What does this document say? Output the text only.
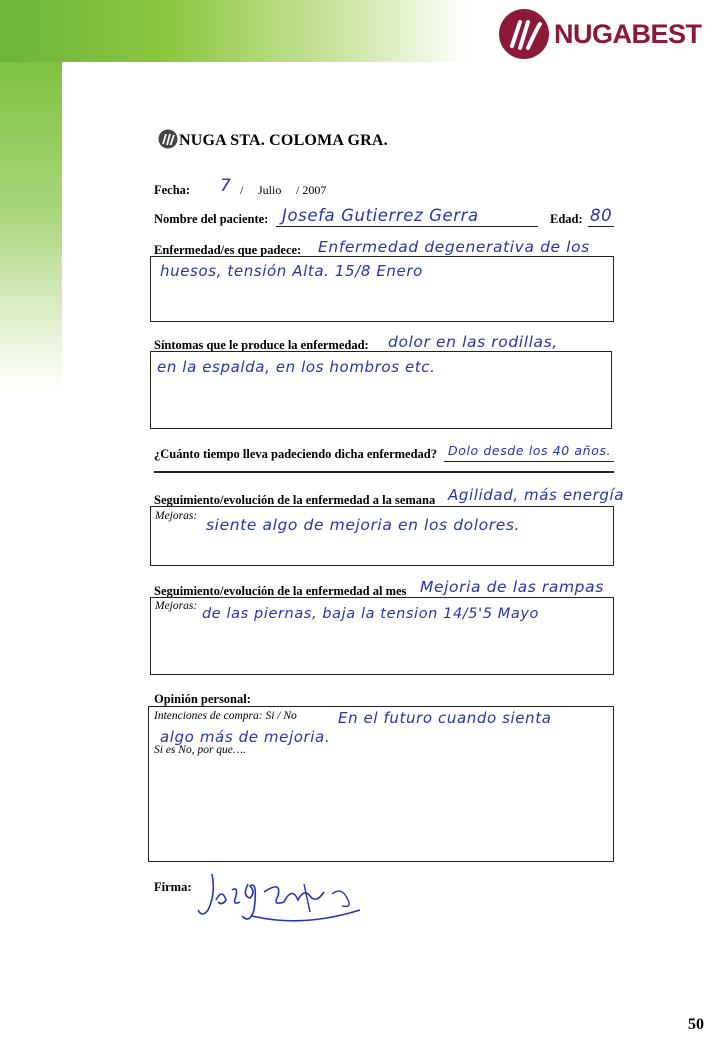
NUGABEST
NUGA STA. COLOMA GRA.
Fecha: 7 / Julio / 2007
Nombre del paciente: Josefa Gutierrez Gerra	Edad: 80
Enfermedad/es que padece: Enfermedad degenerativa de los
huesos, tensión Alta. 15/8 Enero
Síntomas que le produce la enfermedad: dolor en las rodillas,
en la espalda, en los hombros etc.
¿Cuánto tiempo lleva padeciendo dicha enfermedad? Dolo desde los 40 años.
Seguimiento/evolución de la enfermedad a la semana Agilidad, más energía
Mejoras: siente algo de mejoria en los dolores.
Seguimiento/evolución de la enfermedad al mes Mejoria de las rampas
Mejoras: de las piernas, baja la tension 14/5'5 Mayo
Opinión personal:
Intenciones de compra: Si / No	En el futuro cuando sienta
algo más de mejoria.
Si es No, por que….
Firma:
50
